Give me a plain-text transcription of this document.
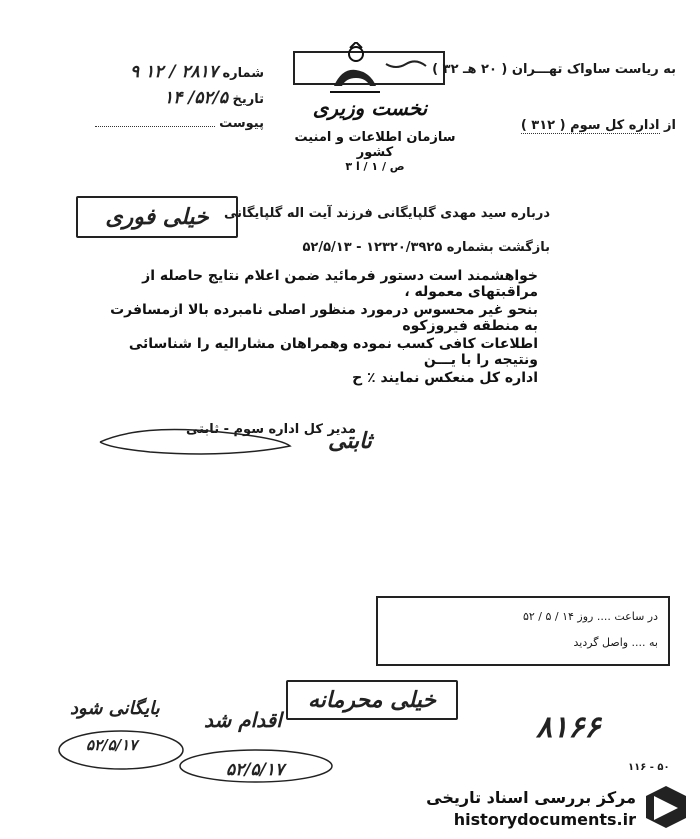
به ریاست ساواک تهـــران ( ۲۰ هـ ۳۲ )
از اداره کل سوم ( ۳۱۲ )
شماره ۲۸۱۷ / ۱۲ ۹
تاریخ ۵۲/۵/ ۱۴
پیوست
نخست وزیری
سازمان اطلاعات و امنیت کشور
ص / ۱ / ا ۳
درباره سید مهدی گلپایگانی فرزند آیت اله گلپایگانی
خیلی فوری
بازگشت بشماره ۱۲۳۲۰/۳۹۲۵ - ۵۲/۵/۱۳
خواهشمند است دستور فرمائید ضمن اعلام نتایج حاصله از مراقبتهای معموله ،
بنحو غیر محسوس درمورد منظور اصلی نامبرده بالا ازمسافرت به منطقه فیروزکوه
اطلاعات کافی کسب نموده وهمراهان مشارالیه را شناسائی ونتیجه را با یـــن
اداره کل منعکس نمایند ٪ ح
مدیر کل اداره سوم - ثابتی
ثابتی
در ساعت .... روز ۱۴ / ۵ / ۵۲
به .... واصل گردید
خیلی محرمانه
بایگانی شود
۵۲/۵/۱۷
اقدام شد
۵۲/۵/۱۷
۸۱۶۶
۱۱۶ - ۵۰
مرکز بررسی اسناد تاریخی
historydocuments.ir
